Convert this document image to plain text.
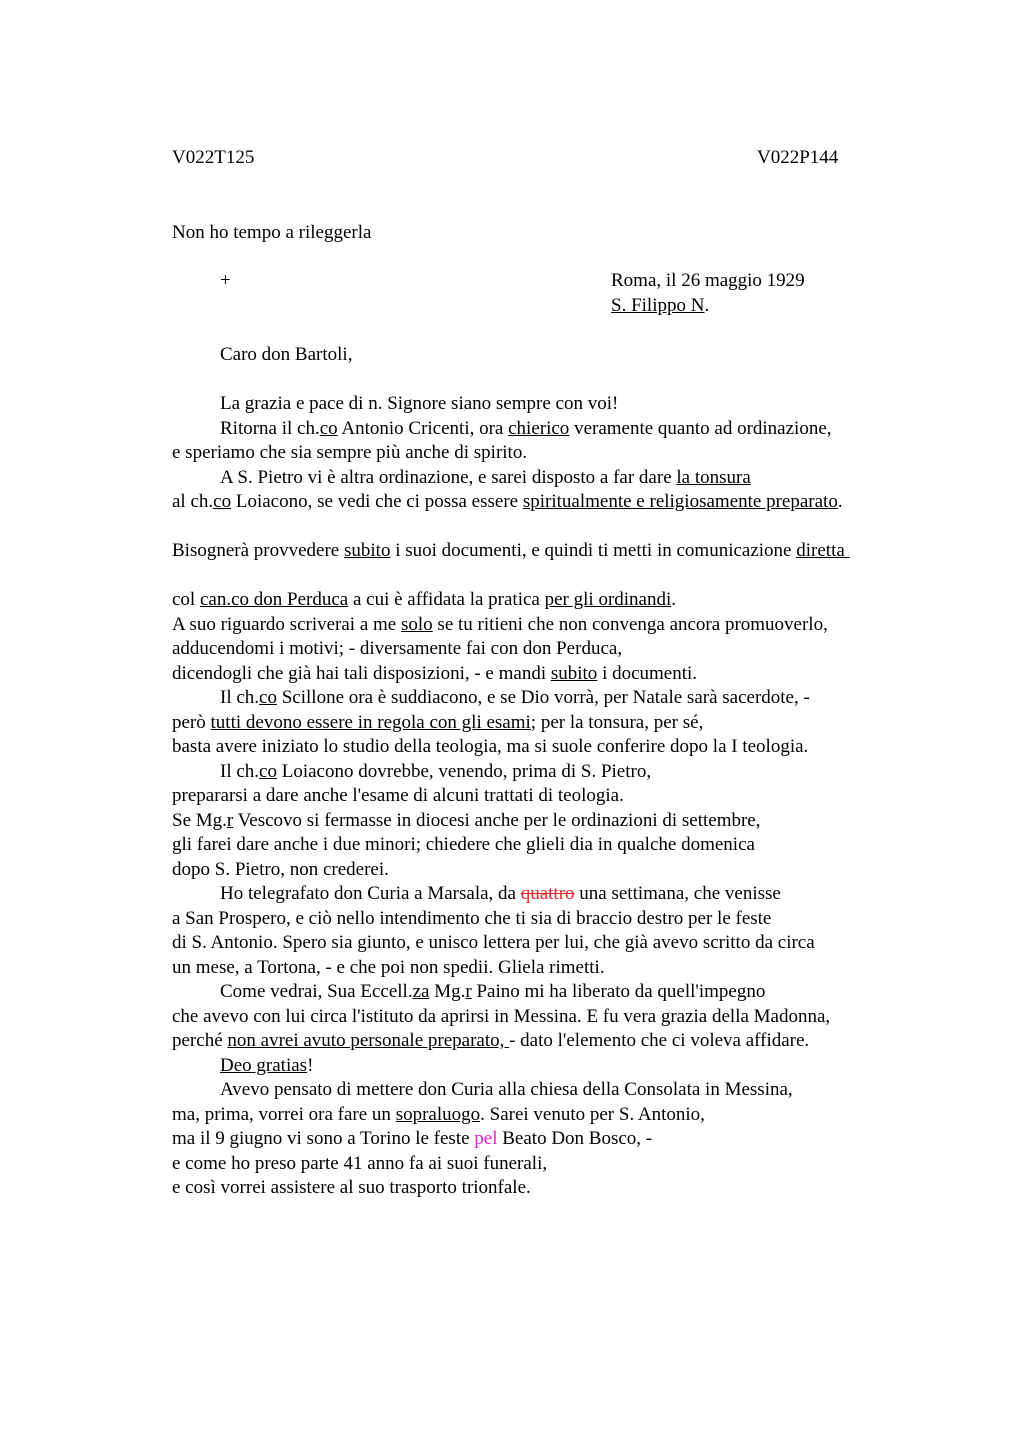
V022T125	V022P144
Non ho tempo a rileggerla
+	Roma, il 26 maggio 1929
S. Filippo N.
Caro don Bartoli,
La grazia e pace di n. Signore siano sempre con voi!
Ritorna il ch.co Antonio Cricenti, ora chierico veramente quanto ad ordinazione,
e speriamo che sia sempre più anche di spirito.
A S. Pietro vi è altra ordinazione, e sarei disposto a far dare la tonsura
al ch.co Loiacono, se vedi che ci possa essere spiritualmente e religiosamente preparato.
Bisognerà provvedere subito i suoi documenti, e quindi ti metti in comunicazione diretta
col can.co don Perduca a cui è affidata la pratica per gli ordinandi.
A suo riguardo scriverai a me solo se tu ritieni che non convenga ancora promuoverlo,
adducendomi i motivi; - diversamente fai con don Perduca,
dicendogli che già hai tali disposizioni, - e mandi subito i documenti.
Il ch.co Scillone ora è suddiacono, e se Dio vorrà, per Natale sarà sacerdote, -
però tutti devono essere in regola con gli esami; per la tonsura, per sé,
basta avere iniziato lo studio della teologia, ma si suole conferire dopo la I teologia.
Il ch.co Loiacono dovrebbe, venendo, prima di S. Pietro,
prepararsi a dare anche l'esame di alcuni trattati di teologia.
Se Mg.r Vescovo si fermasse in diocesi anche per le ordinazioni di settembre,
gli farei dare anche i due minori; chiedere che glieli dia in qualche domenica
dopo S. Pietro, non crederei.
Ho telegrafato don Curia a Marsala, da quattro una settimana, che venisse
a San Prospero, e ciò nello intendimento che ti sia di braccio destro per le feste
di S. Antonio. Spero sia giunto, e unisco lettera per lui, che già avevo scritto da circa
un mese, a Tortona, - e che poi non spedii. Gliela rimetti.
Come vedrai, Sua Eccell.za Mg.r Paino mi ha liberato da quell'impegno
che avevo con lui circa l'istituto da aprirsi in Messina. E fu vera grazia della Madonna,
perché non avrei avuto personale preparato, - dato l'elemento che ci voleva affidare.
Deo gratias!
Avevo pensato di mettere don Curia alla chiesa della Consolata in Messina,
ma, prima, vorrei ora fare un sopraluogo. Sarei venuto per S. Antonio,
ma il 9 giugno vi sono a Torino le feste pel Beato Don Bosco, -
e come ho preso parte 41 anno fa ai suoi funerali,
e così vorrei assistere al suo trasporto trionfale.
